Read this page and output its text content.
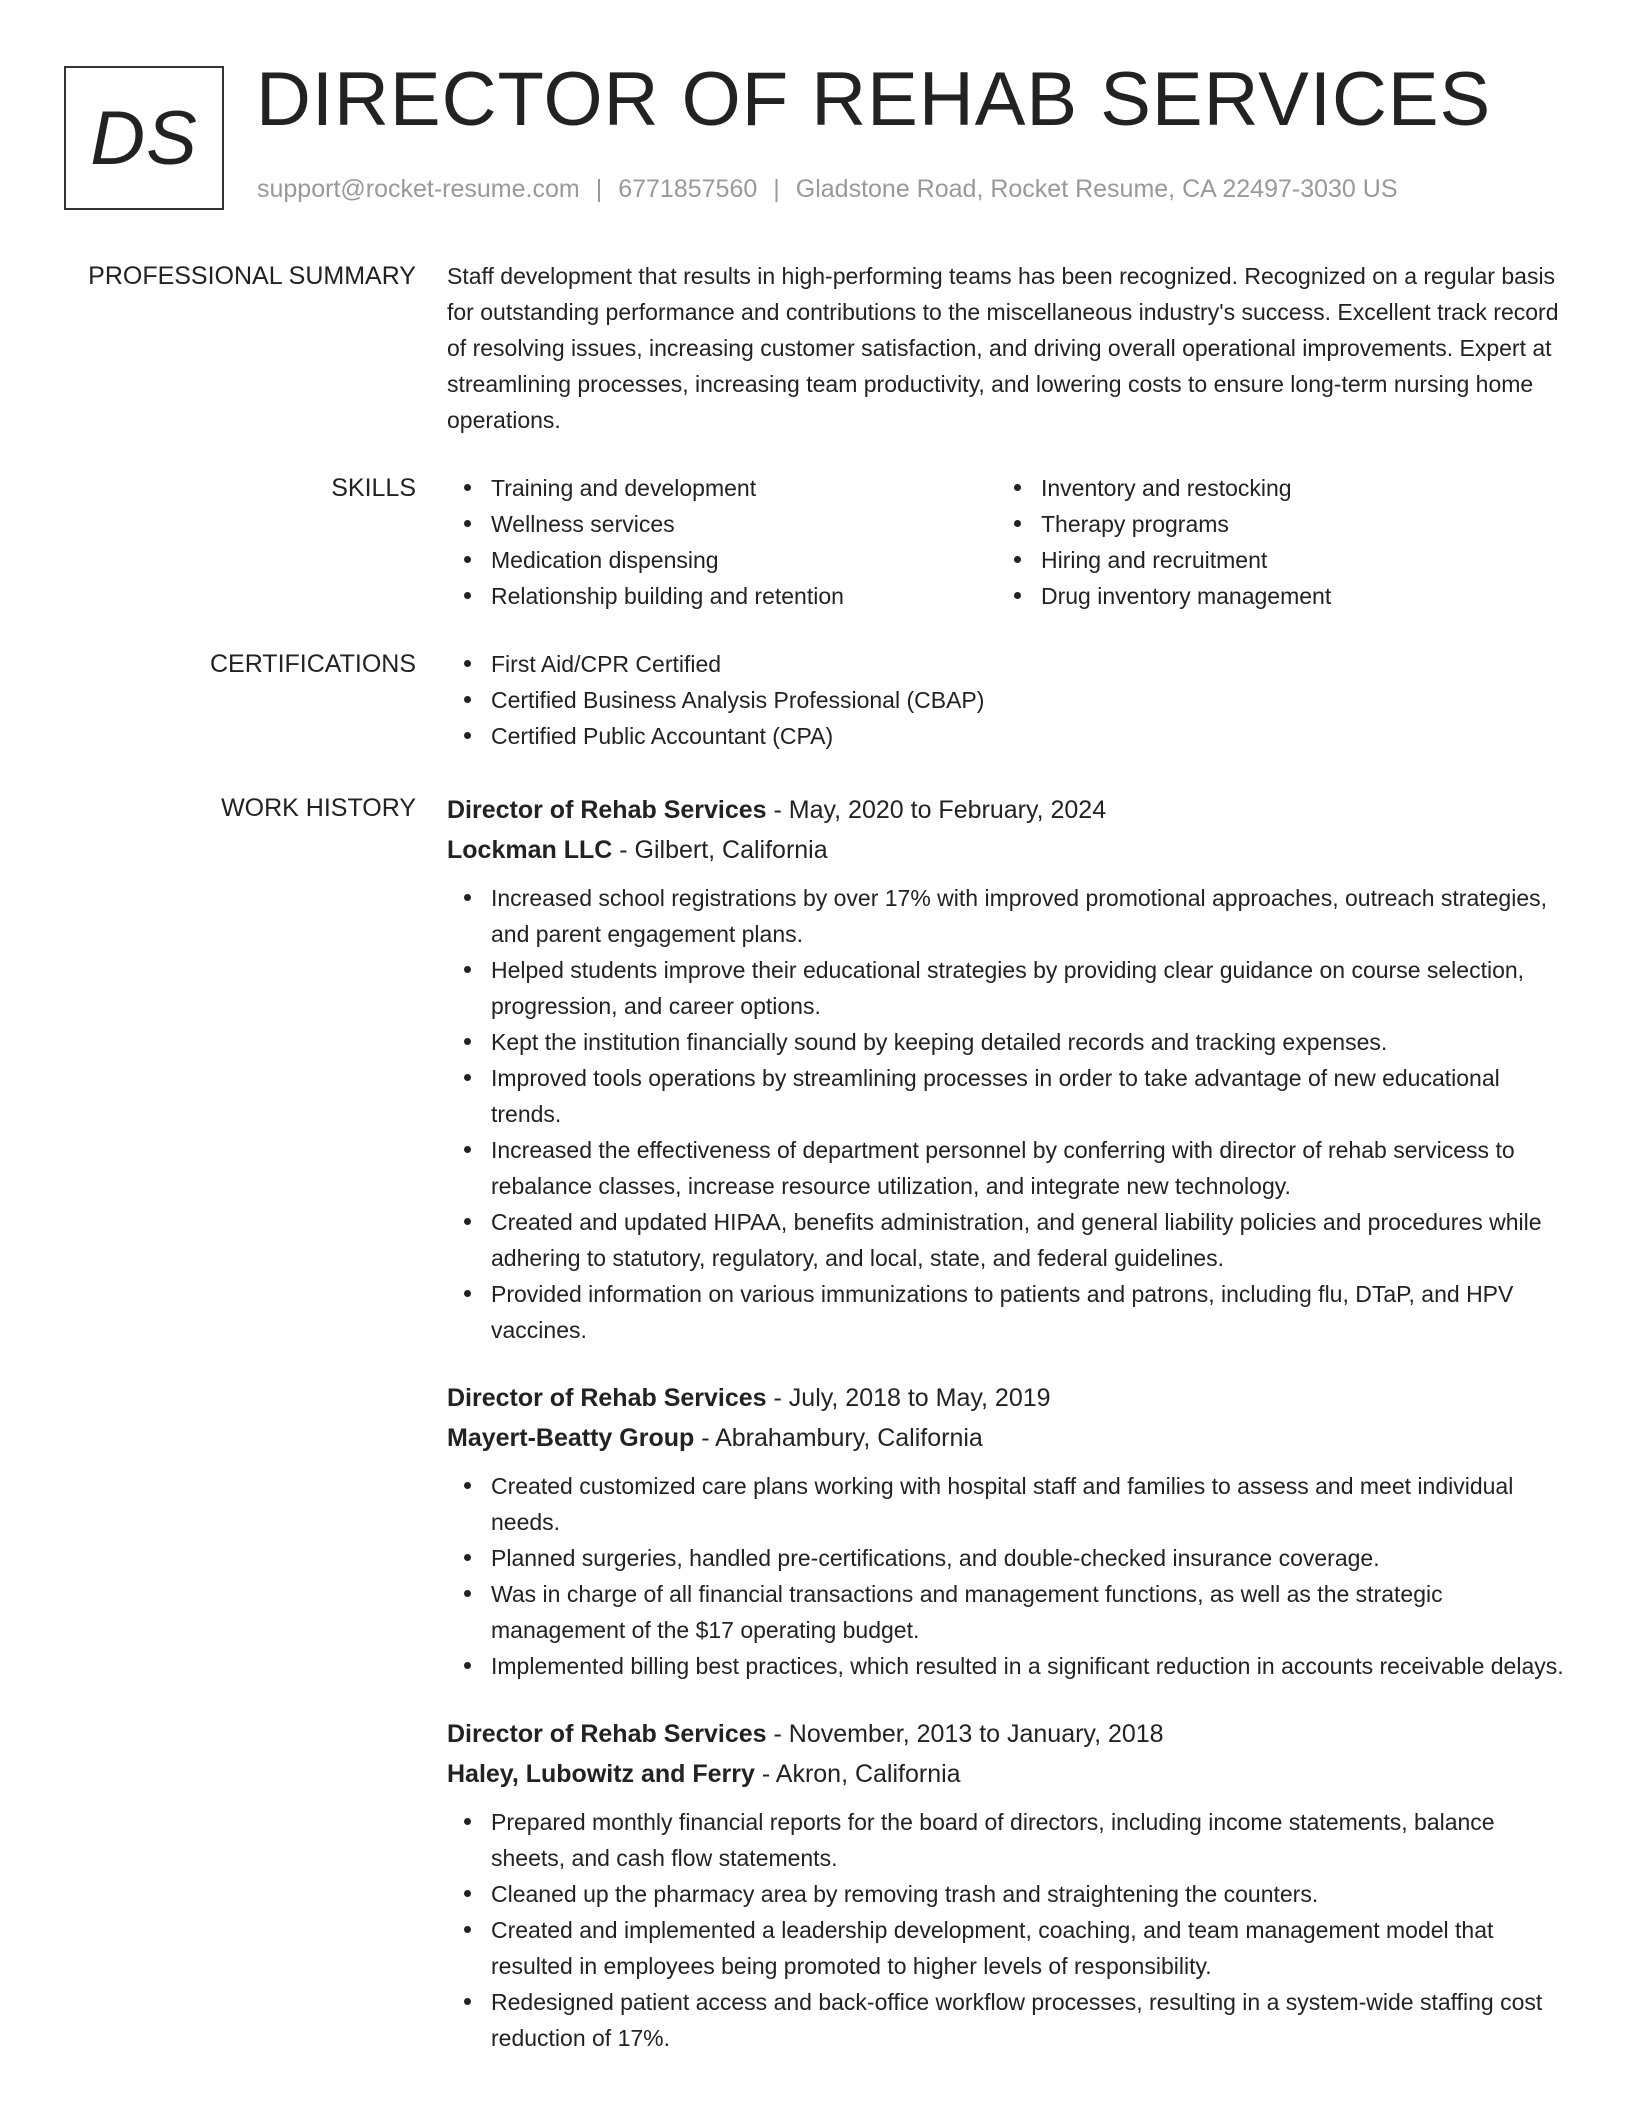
DS DIRECTOR OF REHAB SERVICES
support@rocket-resume.com | 6771857560 | Gladstone Road, Rocket Resume, CA 22497-3030 US
PROFESSIONAL SUMMARY Staff development that results in high-performing teams has been recognized. Recognized on a regular basis for outstanding performance and contributions to the miscellaneous industry's success. Excellent track record of resolving issues, increasing customer satisfaction, and driving overall operational improvements. Expert at streamlining processes, increasing team productivity, and lowering costs to ensure long-term nursing home operations.
SKILLS	Training and development
Wellness services
Medication dispensing
Relationship building and retention
Inventory and restocking
Therapy programs
Hiring and recruitment
Drug inventory management
CERTIFICATIONS	First Aid/CPR Certified
Certified Business Analysis Professional (CBAP)
Certified Public Accountant (CPA)
WORK HISTORY Director of Rehab Services - May, 2020 to February, 2024
Lockman LLC - Gilbert, California
Increased school registrations by over 17% with improved promotional approaches, outreach strategies, and parent engagement plans.
Helped students improve their educational strategies by providing clear guidance on course selection, progression, and career options.
Kept the institution financially sound by keeping detailed records and tracking expenses.
Improved tools operations by streamlining processes in order to take advantage of new educational trends.
Increased the effectiveness of department personnel by conferring with director of rehab servicess to rebalance classes, increase resource utilization, and integrate new technology.
Created and updated HIPAA, benefits administration, and general liability policies and procedures while adhering to statutory, regulatory, and local, state, and federal guidelines.
Provided information on various immunizations to patients and patrons, including flu, DTaP, and HPV vaccines.
Director of Rehab Services - July, 2018 to May, 2019
Mayert-Beatty Group - Abrahambury, California
Created customized care plans working with hospital staff and families to assess and meet individual needs.
Planned surgeries, handled pre-certifications, and double-checked insurance coverage.
Was in charge of all financial transactions and management functions, as well as the strategic management of the $17 operating budget.
Implemented billing best practices, which resulted in a significant reduction in accounts receivable delays.
Director of Rehab Services - November, 2013 to January, 2018
Haley, Lubowitz and Ferry - Akron, California
Prepared monthly financial reports for the board of directors, including income statements, balance sheets, and cash flow statements.
Cleaned up the pharmacy area by removing trash and straightening the counters.
Created and implemented a leadership development, coaching, and team management model that resulted in employees being promoted to higher levels of responsibility.
Redesigned patient access and back-office workflow processes, resulting in a system-wide staffing cost reduction of 17%.
